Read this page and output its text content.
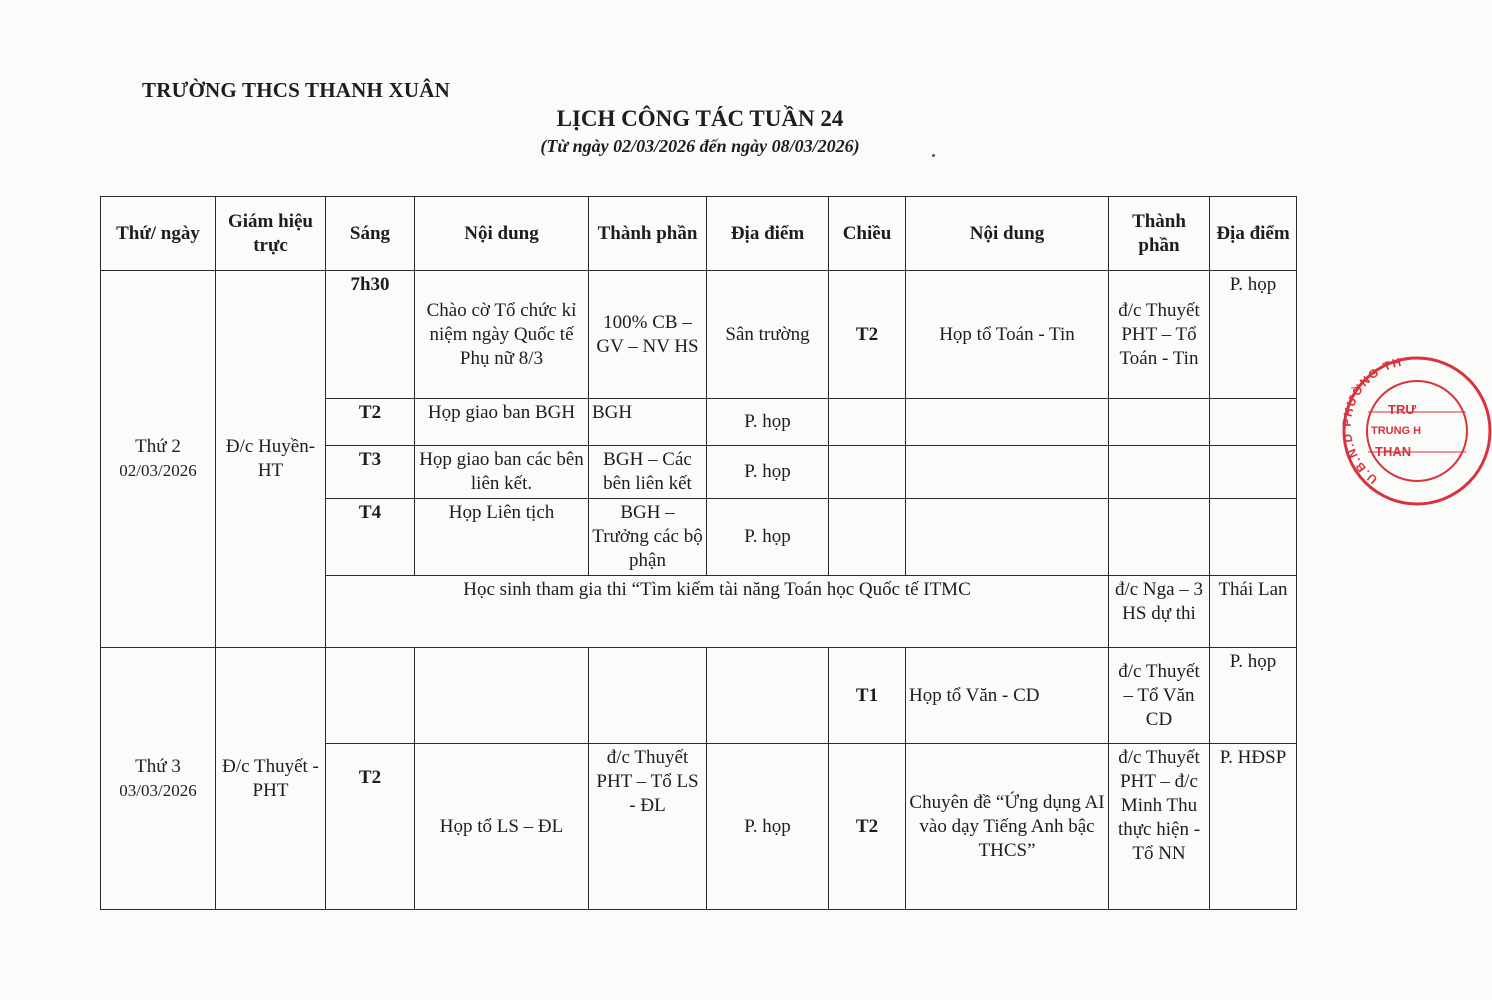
TRƯỜNG THCS THANH XUÂN
LỊCH CÔNG TÁC TUẦN 24
(Từ ngày 02/03/2026 đến ngày 08/03/2026)
Thứ/ ngày	Giám hiệu trực	Sáng	Nội dung	Thành phần	Địa điểm	Chiều	Nội dung	Thành phần	Địa điểm

Thứ 2
02/03/2026	Đ/c Huyền-HT	7h30	Chào cờ Tổ chức kỉ niệm ngày Quốc tế Phụ nữ 8/3	100% CB – GV – NV HS	Sân trường	T2	Họp tổ Toán - Tin	đ/c Thuyết PHT – Tổ Toán - Tin	P. họp
		T2	Họp giao ban BGH	BGH	P. họp				
		T3	Họp giao ban các bên liên kết.	BGH – Các bên liên kết	P. họp				
		T4	Họp Liên tịch	BGH – Trưởng các bộ phận	P. họp				
		Học sinh tham gia thi “Tìm kiếm tài năng Toán học Quốc tế ITMC						đ/c Nga – 3 HS dự thi	Thái Lan

Thứ 3
03/03/2026	Đ/c Thuyết -PHT					T1	Họp tổ Văn - CD	đ/c Thuyết – Tổ Văn CD	P. họp
		T2	Họp tổ LS – ĐL	đ/c Thuyết PHT – Tổ LS - ĐL	P. họp	T2	Chuyên đề “Ứng dụng AI vào dạy Tiếng Anh bậc THCS”	đ/c Thuyết PHT – đ/c Minh Thu thực hiện - Tổ NN	P. HĐSP
U.B.N. HƯỜNG TH
TRƯ
TRUNG H
THAN
